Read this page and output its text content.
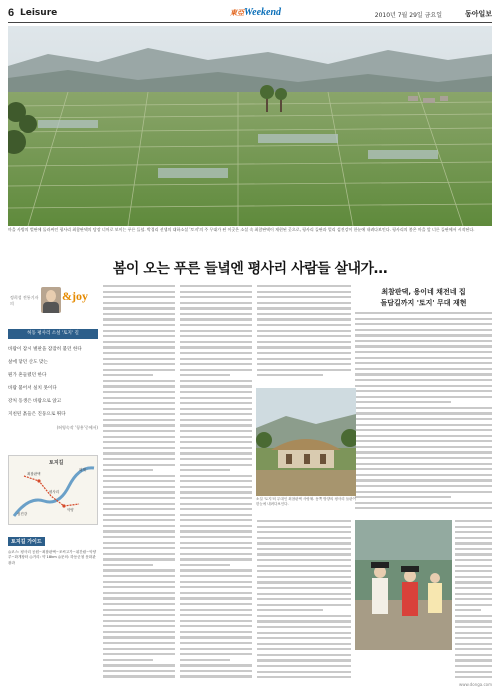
6 Leisure	東亞Weekend	2010년 7월 29일 금요일	동아일보
마을 사방의 벌판에 둘러싸인 평사리 최참판댁의 담장 너머로 보이는 푸른 들녘. 박경리 선생의 대하소설 '토지'의 주 무대가 된 이곳은 소설 속 최참판댁이 재현된 곳으로, 평사리 들판과 멀리 섬진강이 한눈에 내려다보인다. 평사리의 봄은 마을 앞 너른 들판에서 시작된다.
봄이 오는 푸른 들녘엔 평사리 사람들 살내가…
정희성 전통기자의
&joy
허동 평사리 소설 '토지' 길

바람이 잠시 벌판을 잠잠히 불던 한다

살에 닿던 산도 맞는

뭔가 흔들렸던 한다

바람 불어서 실치 못이다

강처 동생은 바람으로 앉고

지친된 흙들은 진둥으로 뛰다

(허영숙작 '청흥'중에서)
토지길
섬진강
최참판댁
평사리
악양
화개
토지길 가이드
◎코스: 평사리 공원~최참판댁~조씨고가~취간림~악양루~화개장터 ◎거리: 약 18km ◎문의: 하동군청 문화관광과
최참판댁, 용이네 채전네 집
돌담길까지 '토지' 무대 재현
소설 '토지'의 무대인 최참판댁 사랑채. 동쪽 방향의 평사리 들판이 한눈에 내려다보인다.
www.donga.com
